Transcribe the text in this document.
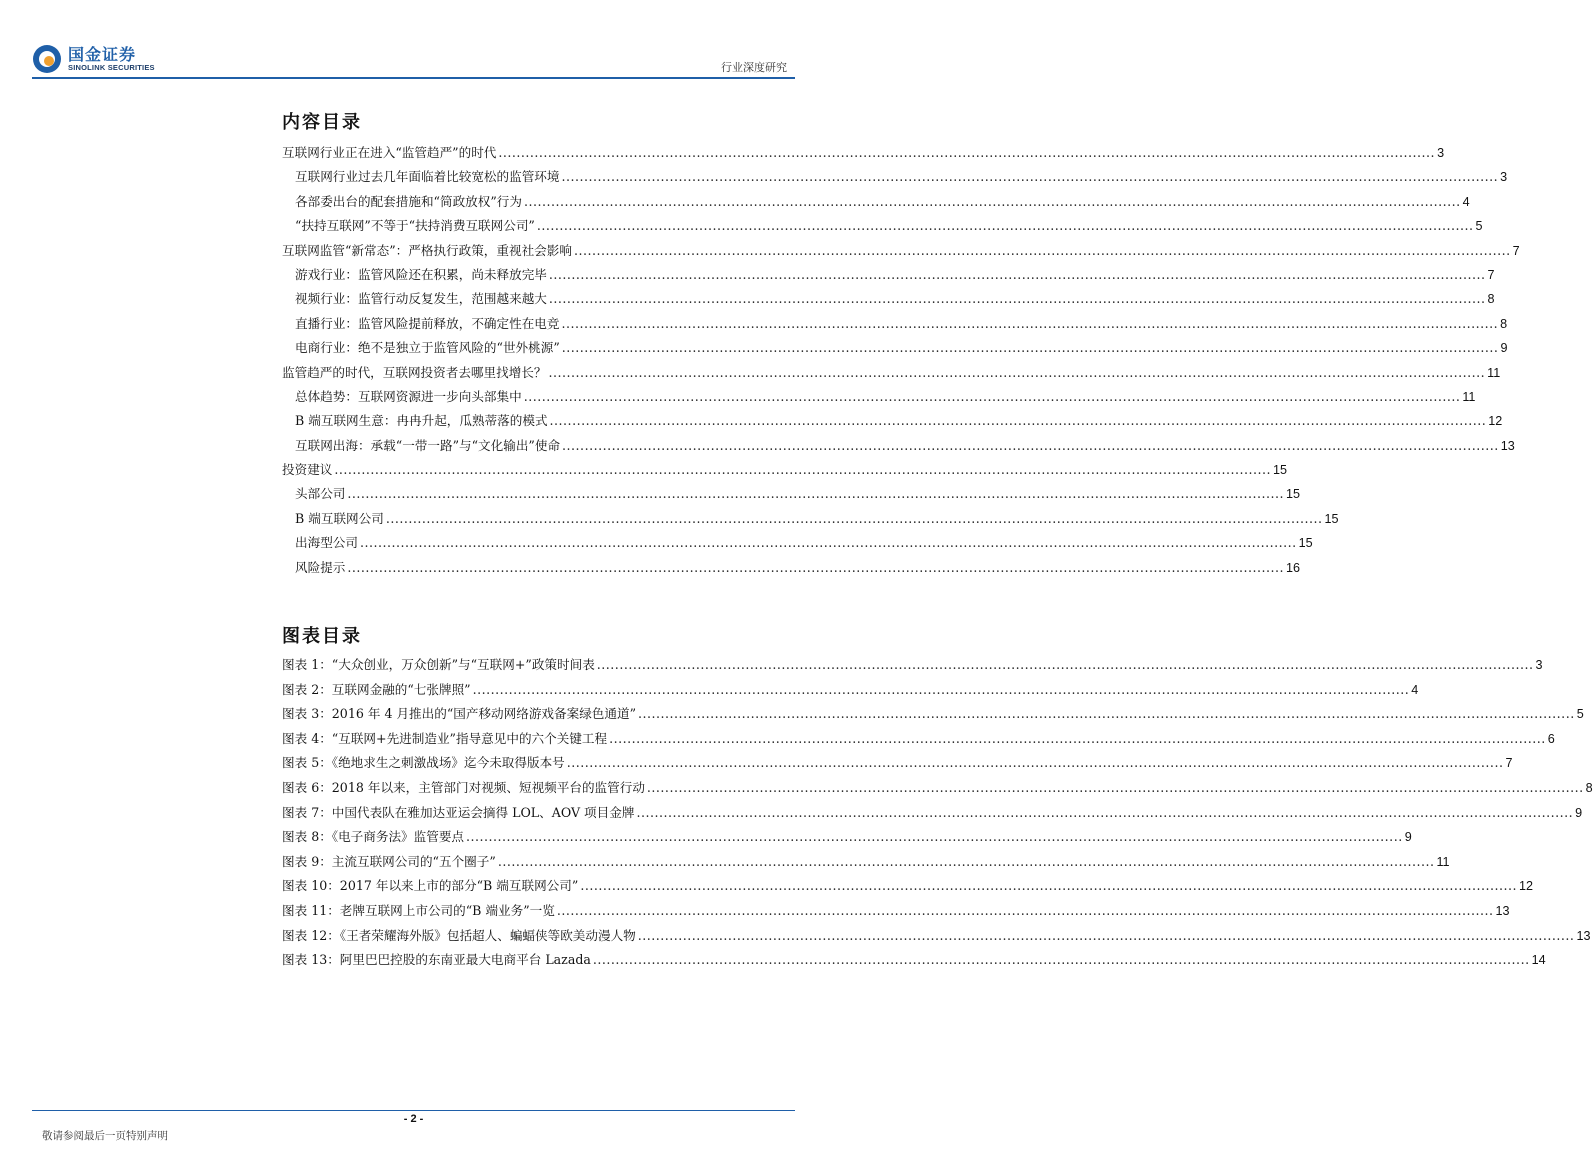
国金证券
SINOLINK SECURITIES	行业深度研究
内容目录
互联网行业正在进入“监管趋严”的时代 .....	3
互联网行业过去几年面临着比较宽松的监管环境 .....	3
各部委出台的配套措施和“简政放权”行为 .....	4
“扶持互联网”不等于“扶持消费互联网公司” .....	5
互联网监管“新常态”：严格执行政策，重视社会影响 .....	7
游戏行业：监管风险还在积累，尚未释放完毕 .....	7
视频行业：监管行动反复发生，范围越来越大 .....	8
直播行业：监管风险提前释放，不确定性在电竞 .....	8
电商行业：绝不是独立于监管风险的“世外桃源” .....	9
监管趋严的时代，互联网投资者去哪里找增长？ .....	11
总体趋势：互联网资源进一步向头部集中 .....	11
B 端互联网生意：冉冉升起，瓜熟蒂落的模式 .....	12
互联网出海：承载“一带一路”与“文化输出”使命 .....	13
投资建议 .....	15
头部公司 .....	15
B 端互联网公司 .....	15
出海型公司 .....	15
风险提示 .....	16
图表目录
图表 1：“大众创业，万众创新”与“互联网+”政策时间表 .....	3
图表 2：互联网金融的“七张牌照” .....	4
图表 3：2016 年 4 月推出的“国产移动网络游戏备案绿色通道” .....	5
图表 4：“互联网+先进制造业”指导意见中的六个关键工程 .....	6
图表 5：《绝地求生之刺激战场》迄今未取得版本号 .....	7
图表 6：2018 年以来，主管部门对视频、短视频平台的监管行动 .....	8
图表 7：中国代表队在雅加达亚运会摘得 LOL、AOV 项目金牌 .....	9
图表 8：《电子商务法》监管要点 .....	9
图表 9：主流互联网公司的“五个圈子” .....	11
图表 10：2017 年以来上市的部分“B 端互联网公司” .....	12
图表 11：老牌互联网上市公司的“B 端业务”一览 .....	13
图表 12：《王者荣耀海外版》包括超人、蝙蝠侠等欧美动漫人物 .....	13
图表 13：阿里巴巴控股的东南亚最大电商平台 Lazada .....	14
- 2 -
敬请参阅最后一页特别声明
